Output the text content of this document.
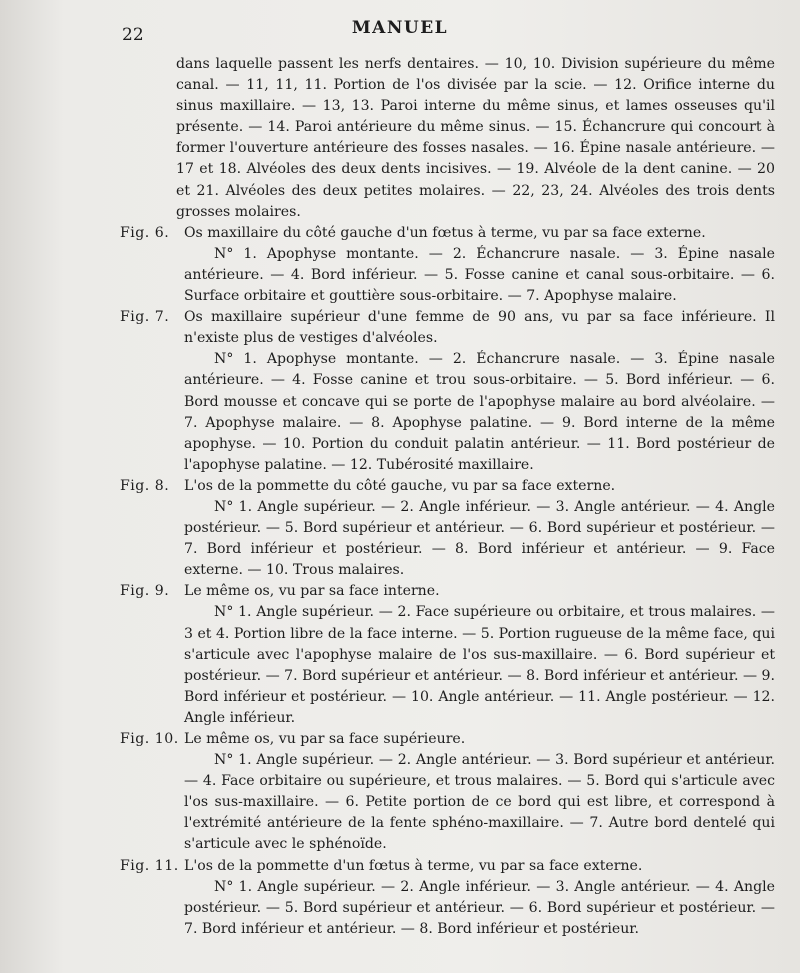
22	MANUEL

dans laquelle passent les nerfs dentaires. — 10, 10. Division supérieure du même canal. — 11, 11, 11. Portion de l'os divisée par la scie. — 12. Orifice interne du sinus maxillaire. — 13, 13. Paroi interne du même sinus, et lames osseuses qu'il présente. — 14. Paroi antérieure du même sinus. — 15. Échancrure qui concourt à former l'ouverture antérieure des fosses nasales. — 16. Épine nasale antérieure. — 17 et 18. Alvéoles des deux dents incisives. — 19. Alvéole de la dent canine. — 20 et 21. Alvéoles des deux petites molaires. — 22, 23, 24. Alvéoles des trois dents grosses molaires.

Fig. 6.	Os maxillaire du côté gauche d'un fœtus à terme, vu par sa face externe.

N° 1. Apophyse montante. — 2. Échancrure nasale. — 3. Épine nasale antérieure. — 4. Bord inférieur. — 5. Fosse canine et canal sous-orbitaire. — 6. Surface orbitaire et gouttière sous-orbitaire. — 7. Apophyse malaire.

Fig. 7.	Os maxillaire supérieur d'une femme de 90 ans, vu par sa face inférieure. Il n'existe plus de vestiges d'alvéoles.

N° 1. Apophyse montante. — 2. Échancrure nasale. — 3. Épine nasale antérieure. — 4. Fosse canine et trou sous-orbitaire. — 5. Bord inférieur. — 6. Bord mousse et concave qui se porte de l'apophyse malaire au bord alvéolaire. — 7. Apophyse malaire. — 8. Apophyse palatine. — 9. Bord interne de la même apophyse. — 10. Portion du conduit palatin antérieur. — 11. Bord postérieur de l'apophyse palatine. — 12. Tubérosité maxillaire.

Fig. 8.	L'os de la pommette du côté gauche, vu par sa face externe.

N° 1. Angle supérieur. — 2. Angle inférieur. — 3. Angle antérieur. — 4. Angle postérieur. — 5. Bord supérieur et antérieur. — 6. Bord supérieur et postérieur. — 7. Bord inférieur et postérieur. — 8. Bord inférieur et antérieur. — 9. Face externe. — 10. Trous malaires.

Fig. 9.	Le même os, vu par sa face interne.

N° 1. Angle supérieur. — 2. Face supérieure ou orbitaire, et trous malaires. — 3 et 4. Portion libre de la face interne. — 5. Portion rugueuse de la même face, qui s'articule avec l'apophyse malaire de l'os sus-maxillaire. — 6. Bord supérieur et postérieur. — 7. Bord supérieur et antérieur. — 8. Bord inférieur et antérieur. — 9. Bord inférieur et postérieur. — 10. Angle antérieur. — 11. Angle postérieur. — 12. Angle inférieur.

Fig. 10. Le même os, vu par sa face supérieure.

N° 1. Angle supérieur. — 2. Angle antérieur. — 3. Bord supérieur et antérieur. — 4. Face orbitaire ou supérieure, et trous malaires. — 5. Bord qui s'articule avec l'os sus-maxillaire. — 6. Petite portion de ce bord qui est libre, et correspond à l'extrémité antérieure de la fente sphéno-maxillaire. — 7. Autre bord dentelé qui s'articule avec le sphénoïde.

Fig. 11. L'os de la pommette d'un fœtus à terme, vu par sa face externe.

N° 1. Angle supérieur. — 2. Angle inférieur. — 3. Angle antérieur. — 4. Angle postérieur. — 5. Bord supérieur et antérieur. — 6. Bord supérieur et postérieur. — 7. Bord inférieur et antérieur. — 8. Bord inférieur et postérieur.
